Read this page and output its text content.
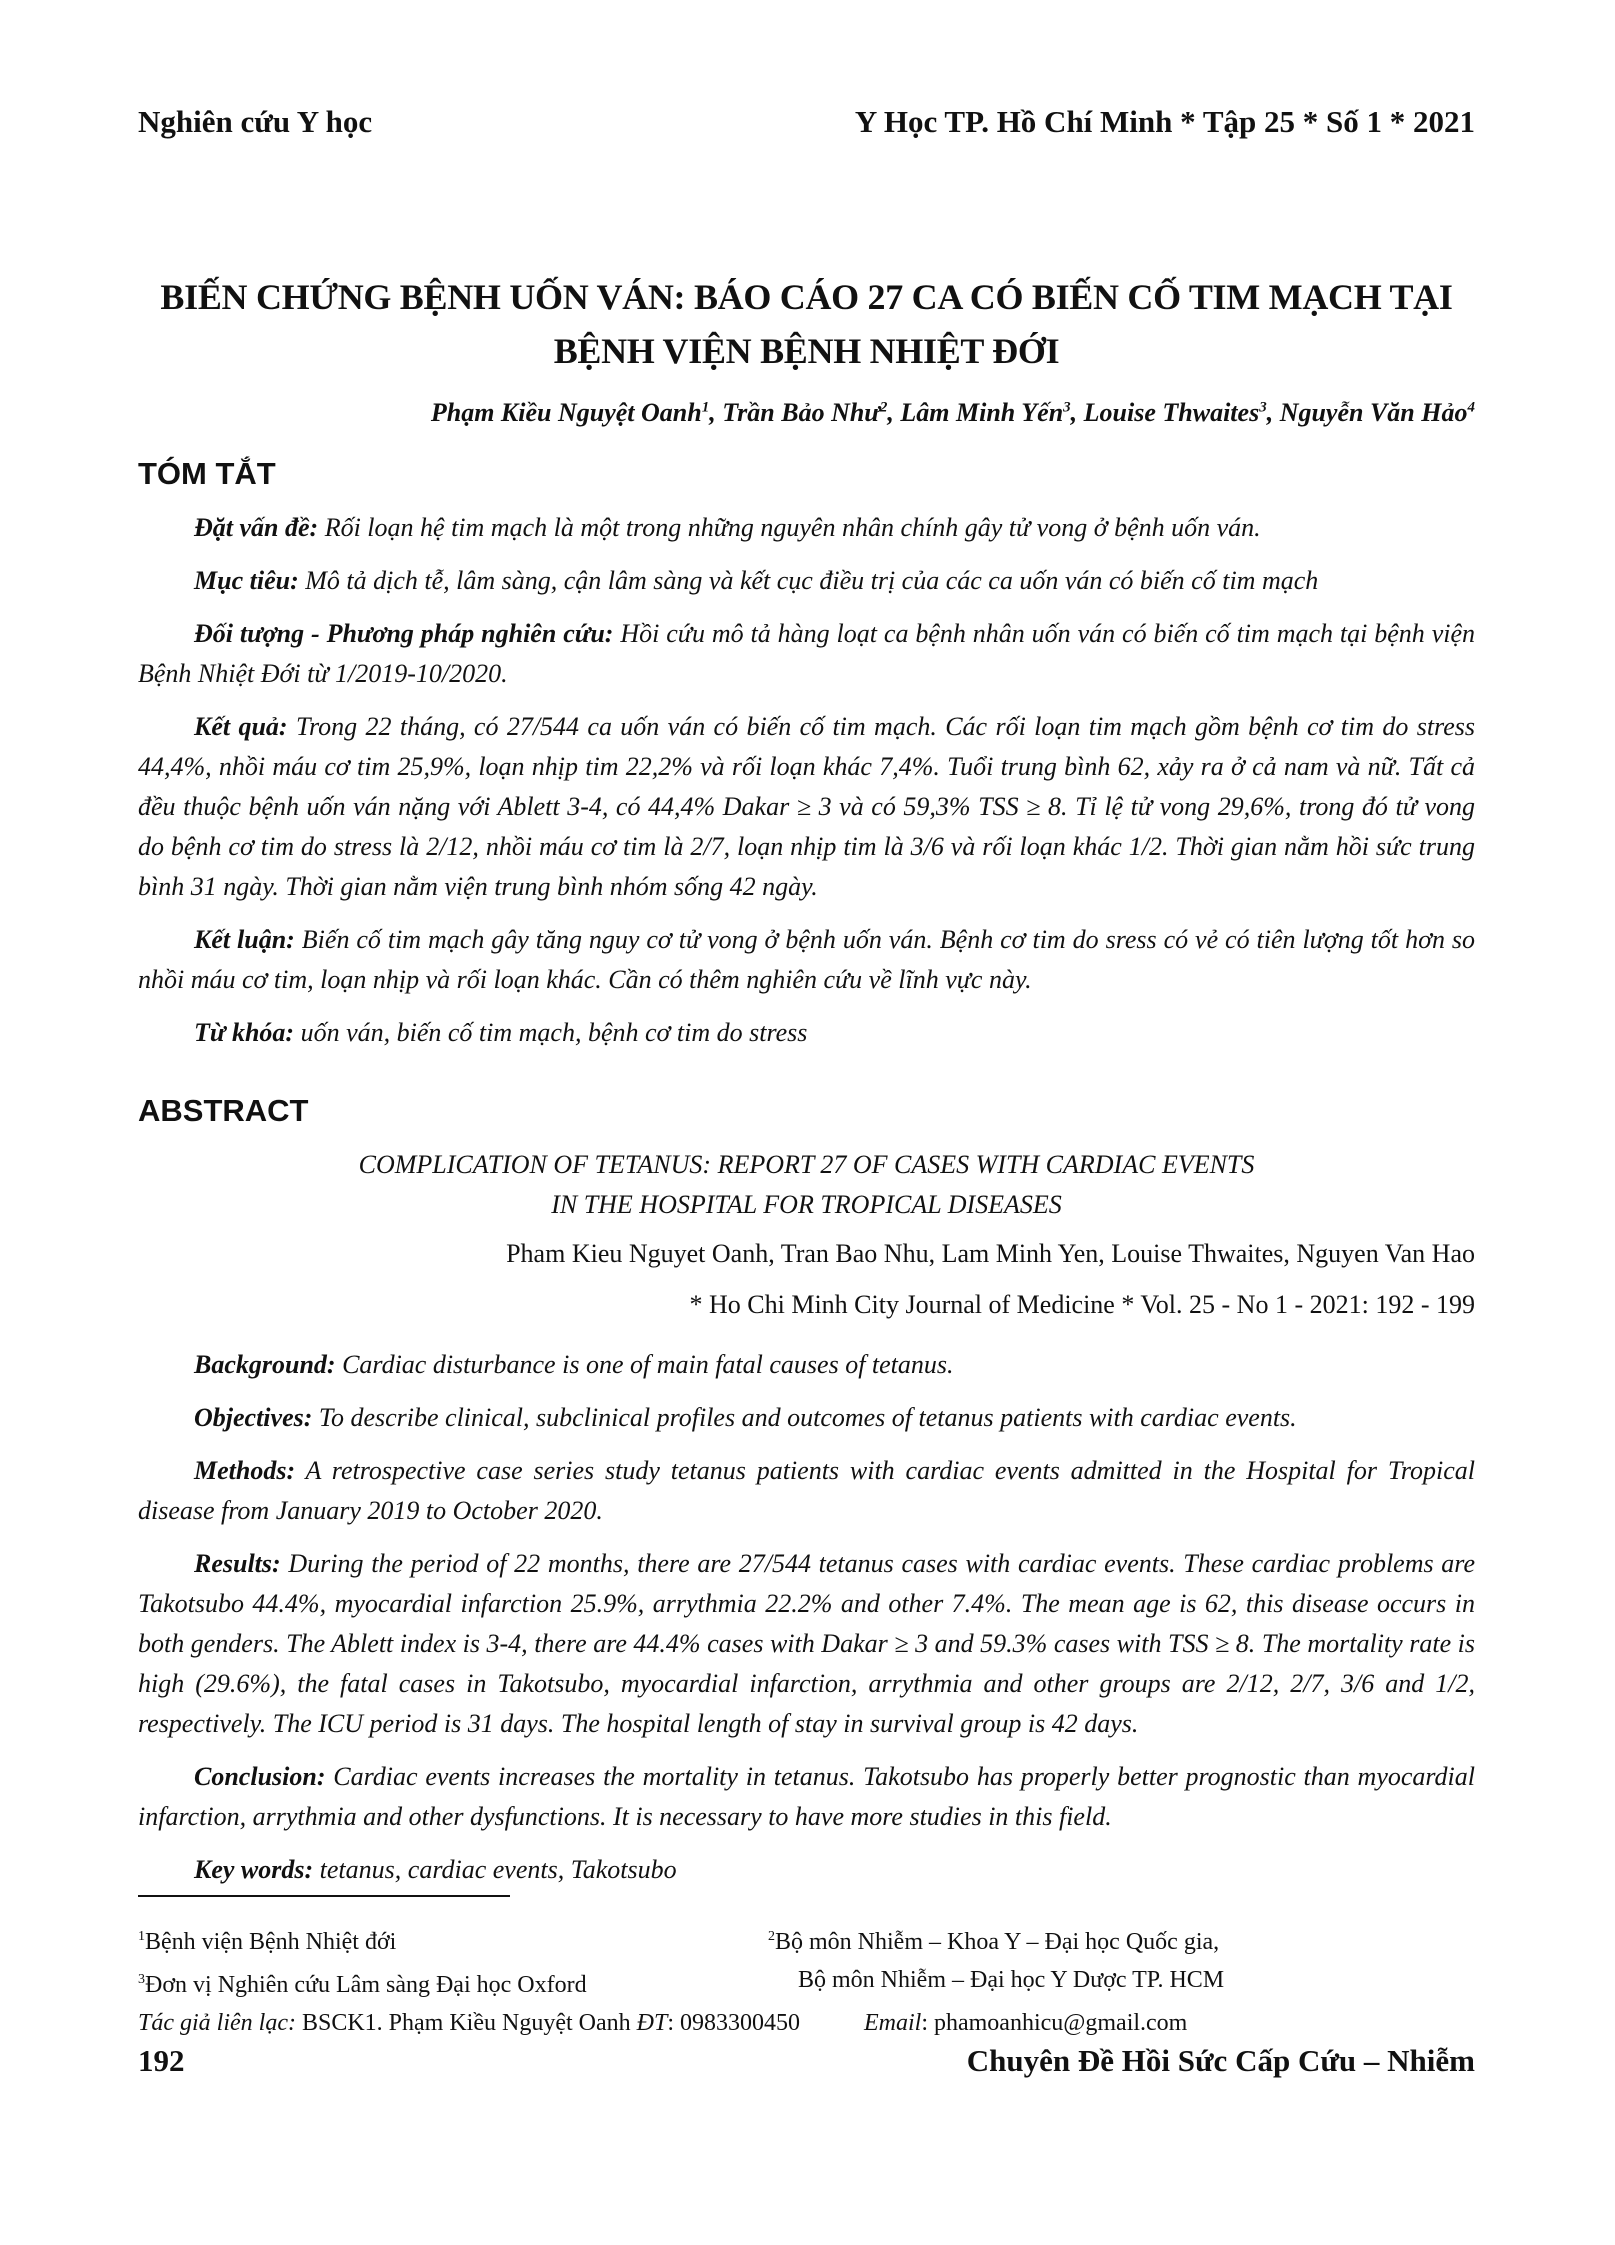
Nghiên cứu Y học	Y Học TP. Hồ Chí Minh * Tập 25 * Số 1 * 2021
BIẾN CHỨNG BỆNH UỐN VÁN: BÁO CÁO 27 CA CÓ BIẾN CỐ TIM MẠCH TẠI
BỆNH VIỆN BỆNH NHIỆT ĐỚI
Phạm Kiều Nguyệt Oanh$^1$, Trần Bảo Như$^2$, Lâm Minh Yến$^3$, Louise Thwaites$^3$, Nguyễn Văn Hảo$^4$
TÓM TẮT

Đặt vấn đề: Rối loạn hệ tim mạch là một trong những nguyên nhân chính gây tử vong ở bệnh uốn ván.

Mục tiêu: Mô tả dịch tễ, lâm sàng, cận lâm sàng và kết cục điều trị của các ca uốn ván có biến cố tim mạch

Đối tượng - Phương pháp nghiên cứu: Hồi cứu mô tả hàng loạt ca bệnh nhân uốn ván có biến cố tim mạch tại bệnh viện Bệnh Nhiệt Đới từ 1/2019-10/2020.

Kết quả: Trong 22 tháng, có 27/544 ca uốn ván có biến cố tim mạch. Các rối loạn tim mạch gồm bệnh cơ tim do stress 44,4%, nhồi máu cơ tim 25,9%, loạn nhịp tim 22,2% và rối loạn khác 7,4%. Tuổi trung bình 62, xảy ra ở cả nam và nữ. Tất cả đều thuộc bệnh uốn ván nặng với Ablett 3-4, có 44,4% Dakar ≥ 3 và có 59,3% TSS ≥ 8. Tỉ lệ tử vong 29,6%, trong đó tử vong do bệnh cơ tim do stress là 2/12, nhồi máu cơ tim là 2/7, loạn nhịp tim là 3/6 và rối loạn khác 1/2. Thời gian nằm hồi sức trung bình 31 ngày. Thời gian nằm viện trung bình nhóm sống 42 ngày.

Kết luận: Biến cố tim mạch gây tăng nguy cơ tử vong ở bệnh uốn ván. Bệnh cơ tim do sress có vẻ có tiên lượng tốt hơn so nhồi máu cơ tim, loạn nhịp và rối loạn khác. Cần có thêm nghiên cứu về lĩnh vực này.

Từ khóa: uốn ván, biến cố tim mạch, bệnh cơ tim do stress

ABSTRACT
COMPLICATION OF TETANUS: REPORT 27 OF CASES WITH CARDIAC EVENTS
IN THE HOSPITAL FOR TROPICAL DISEASES
Pham Kieu Nguyet Oanh, Tran Bao Nhu, Lam Minh Yen, Louise Thwaites, Nguyen Van Hao
* Ho Chi Minh City Journal of Medicine * Vol. 25 - No 1 - 2021: 192 - 199

Background: Cardiac disturbance is one of main fatal causes of tetanus.

Objectives: To describe clinical, subclinical profiles and outcomes of tetanus patients with cardiac events.

Methods: A retrospective case series study tetanus patients with cardiac events admitted in the Hospital for Tropical disease from January 2019 to October 2020.

Results: During the period of 22 months, there are 27/544 tetanus cases with cardiac events. These cardiac problems are Takotsubo 44.4%, myocardial infarction 25.9%, arrythmia 22.2% and other 7.4%. The mean age is 62, this disease occurs in both genders. The Ablett index is 3-4, there are 44.4% cases with Dakar ≥ 3 and 59.3% cases with TSS ≥ 8. The mortality rate is high (29.6%), the fatal cases in Takotsubo, myocardial infarction, arrythmia and other groups are 2/12, 2/7, 3/6 and 1/2, respectively. The ICU period is 31 days. The hospital length of stay in survival group is 42 days.

Conclusion: Cardiac events increases the mortality in tetanus. Takotsubo has properly better prognostic than myocardial infarction, arrythmia and other dysfunctions. It is necessary to have more studies in this field.

Key words: tetanus, cardiac events, Takotsubo

$^1$Bệnh viện Bệnh Nhiệt đới	$^2$Bộ môn Nhiễm – Khoa Y – Đại học Quốc gia,
$^3$Đơn vị Nghiên cứu Lâm sàng Đại học Oxford	Bộ môn Nhiễm – Đại học Y Dược TP. HCM
Tác giả liên lạc: BSCK1. Phạm Kiều Nguyệt Oanh ĐT: 0983300450	Email: phamoanhicu@gmail.com
192	Chuyên Đề Hồi Sức Cấp Cứu – Nhiễm
